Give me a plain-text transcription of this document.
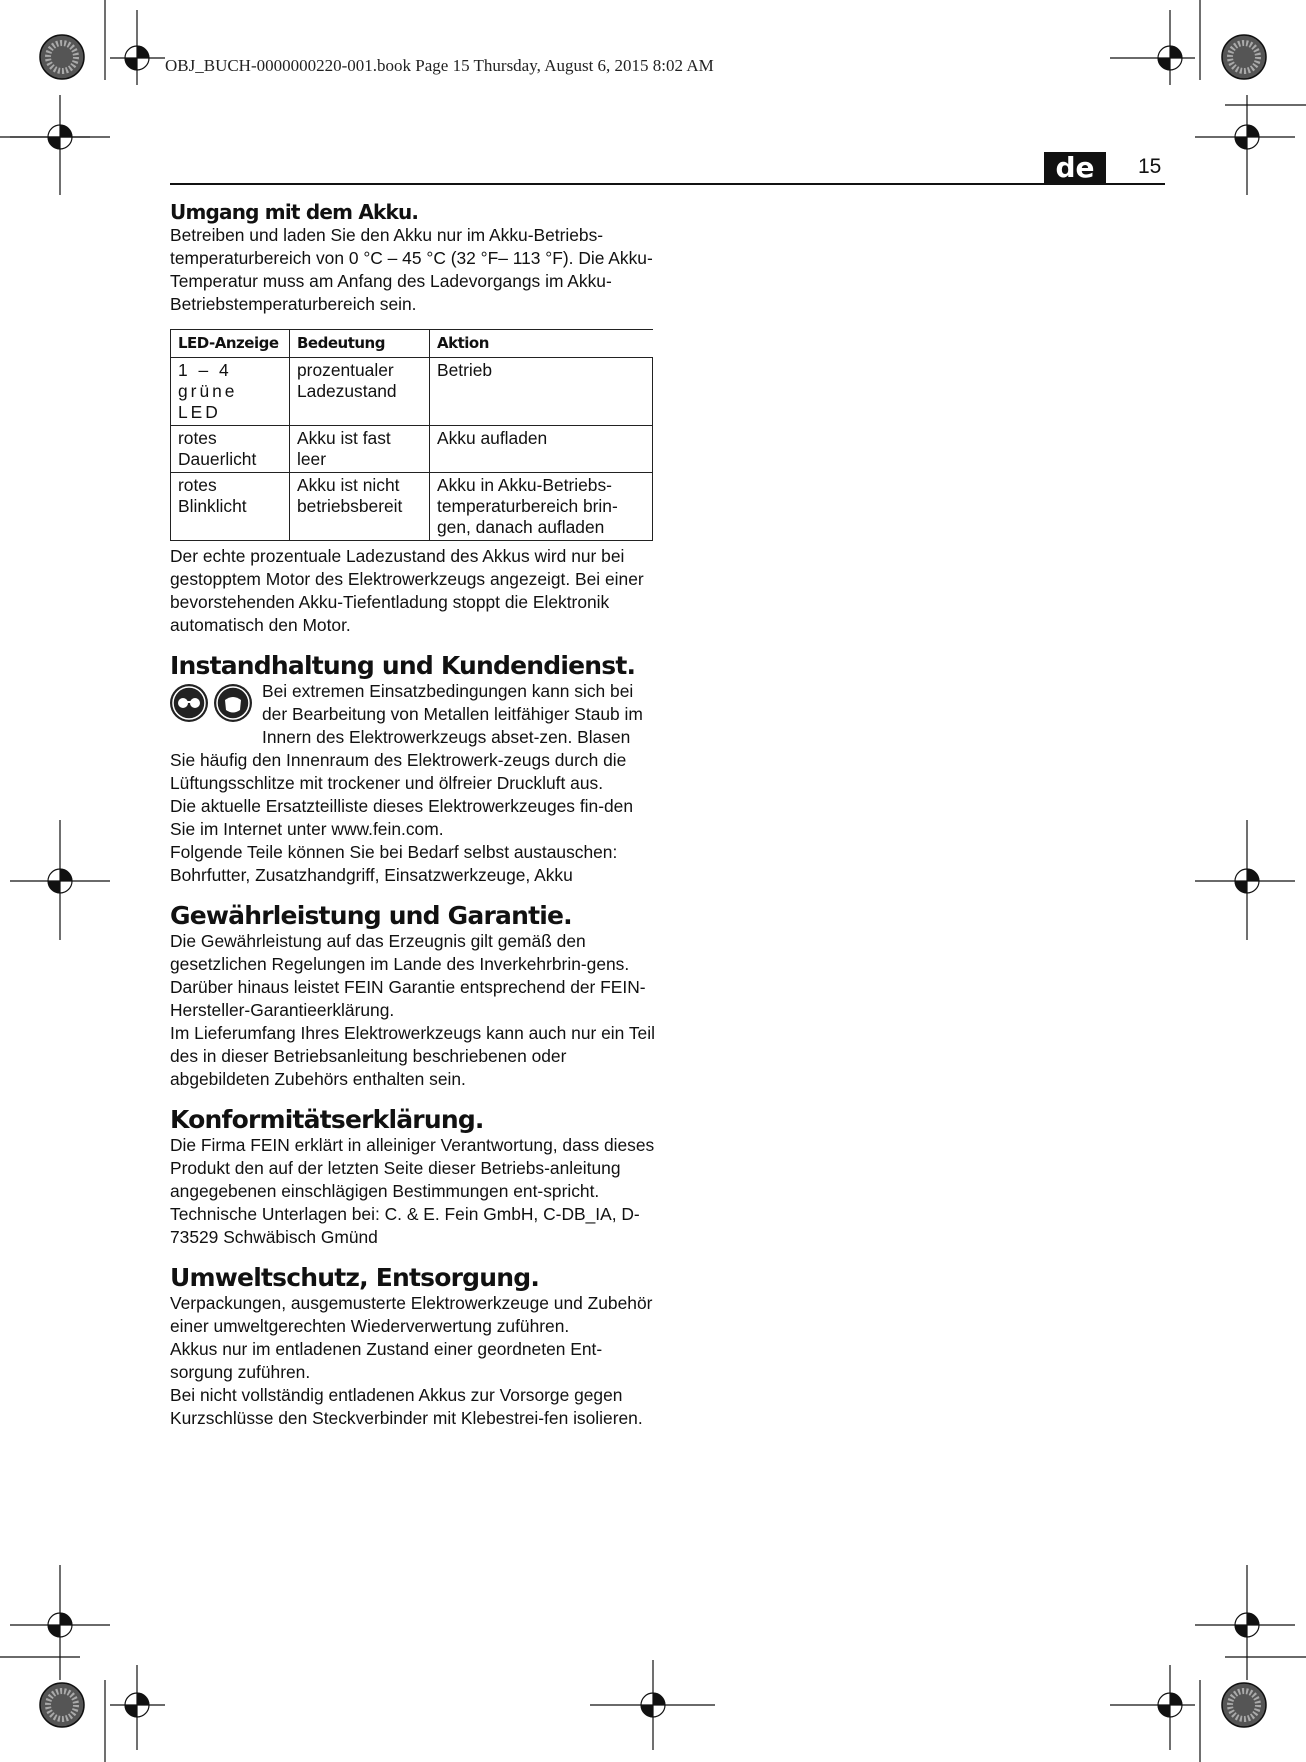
OBJ_BUCH-0000000220-001.book Page 15 Thursday, August 6, 2015 8:02 AM
de	15
Umgang mit dem Akku.

Betreiben und laden Sie den Akku nur im Akku-Betriebs-temperaturbereich von 0 °C – 45 °C (32 °F– 113 °F). Die Akku-Temperatur muss am Anfang des Ladevorgangs im Akku-Betriebstemperaturbereich sein.

LED-Anzeige	Bedeutung	Aktion
1 – 4 grüne LED	prozentualer Ladezustand	Betrieb
rotes Dauerlicht	Akku ist fast leer	Akku aufladen
rotes Blinklicht	Akku ist nicht betriebsbereit	Akku in Akku-Betriebs-temperaturbereich brin-gen, danach aufladen

Der echte prozentuale Ladezustand des Akkus wird nur bei gestopptem Motor des Elektrowerkzeugs angezeigt. Bei einer bevorstehenden Akku-Tiefentladung stoppt die Elektronik automatisch den Motor.

Instandhaltung und Kundendienst.

Bei extremen Einsatzbedingungen kann sich bei der Bearbeitung von Metallen leitfähiger Staub im Innern des Elektrowerkzeugs abset-zen. Blasen Sie häufig den Innenraum des Elektrowerk-zeugs durch die Lüftungsschlitze mit trockener und ölfreier Druckluft aus.

Die aktuelle Ersatzteilliste dieses Elektrowerkzeuges fin-den Sie im Internet unter www.fein.com.

Folgende Teile können Sie bei Bedarf selbst austauschen: Bohrfutter, Zusatzhandgriff, Einsatzwerkzeuge, Akku

Gewährleistung und Garantie.

Die Gewährleistung auf das Erzeugnis gilt gemäß den gesetzlichen Regelungen im Lande des Inverkehrbrin-gens. Darüber hinaus leistet FEIN Garantie entsprechend der FEIN-Hersteller-Garantieerklärung.

Im Lieferumfang Ihres Elektrowerkzeugs kann auch nur ein Teil des in dieser Betriebsanleitung beschriebenen oder abgebildeten Zubehörs enthalten sein.

Konformitätserklärung.

Die Firma FEIN erklärt in alleiniger Verantwortung, dass dieses Produkt den auf der letzten Seite dieser Betriebs-anleitung angegebenen einschlägigen Bestimmungen ent-spricht.

Technische Unterlagen bei: C. & E. Fein GmbH, C-DB_IA, D-73529 Schwäbisch Gmünd

Umweltschutz, Entsorgung.

Verpackungen, ausgemusterte Elektrowerkzeuge und Zubehör einer umweltgerechten Wiederverwertung zuführen.

Akkus nur im entladenen Zustand einer geordneten Ent-sorgung zuführen.

Bei nicht vollständig entladenen Akkus zur Vorsorge gegen Kurzschlüsse den Steckverbinder mit Klebestrei-fen isolieren.
